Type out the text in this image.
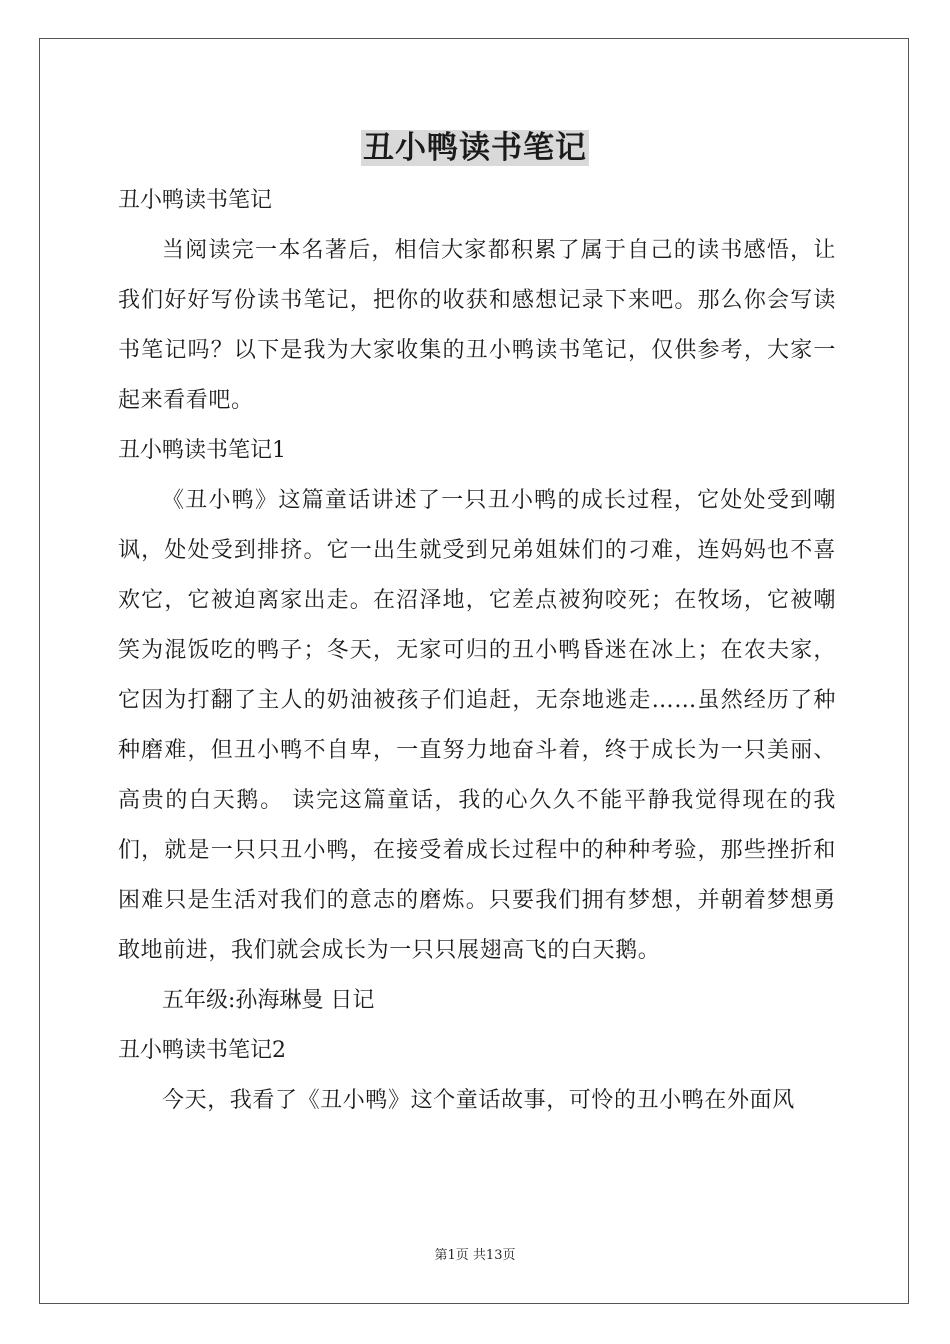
丑小鸭读书笔记

丑小鸭读书笔记

当阅读完一本名著后，相信大家都积累了属于自己的读书感悟，让我们好好写份读书笔记，把你的收获和感想记录下来吧。那么你会写读书笔记吗？以下是我为大家收集的丑小鸭读书笔记，仅供参考，大家一起来看看吧。

丑小鸭读书笔记1

《丑小鸭》这篇童话讲述了一只丑小鸭的成长过程，它处处受到嘲讽，处处受到排挤。它一出生就受到兄弟姐妹们的刁难，连妈妈也不喜欢它，它被迫离家出走。在沼泽地，它差点被狗咬死；在牧场，它被嘲笑为混饭吃的鸭子；冬天，无家可归的丑小鸭昏迷在冰上；在农夫家，它因为打翻了主人的奶油被孩子们追赶，无奈地逃走……虽然经历了种种磨难，但丑小鸭不自卑，一直努力地奋斗着，终于成长为一只美丽、高贵的白天鹅。 读完这篇童话，我的心久久不能平静我觉得现在的我们，就是一只只丑小鸭，在接受着成长过程中的种种考验，那些挫折和困难只是生活对我们的意志的磨炼。只要我们拥有梦想，并朝着梦想勇敢地前进，我们就会成长为一只只展翅高飞的白天鹅。

五年级:孙海琳曼 日记

丑小鸭读书笔记2

今天，我看了《丑小鸭》这个童话故事，可怜的丑小鸭在外面风

第1页 共13页
